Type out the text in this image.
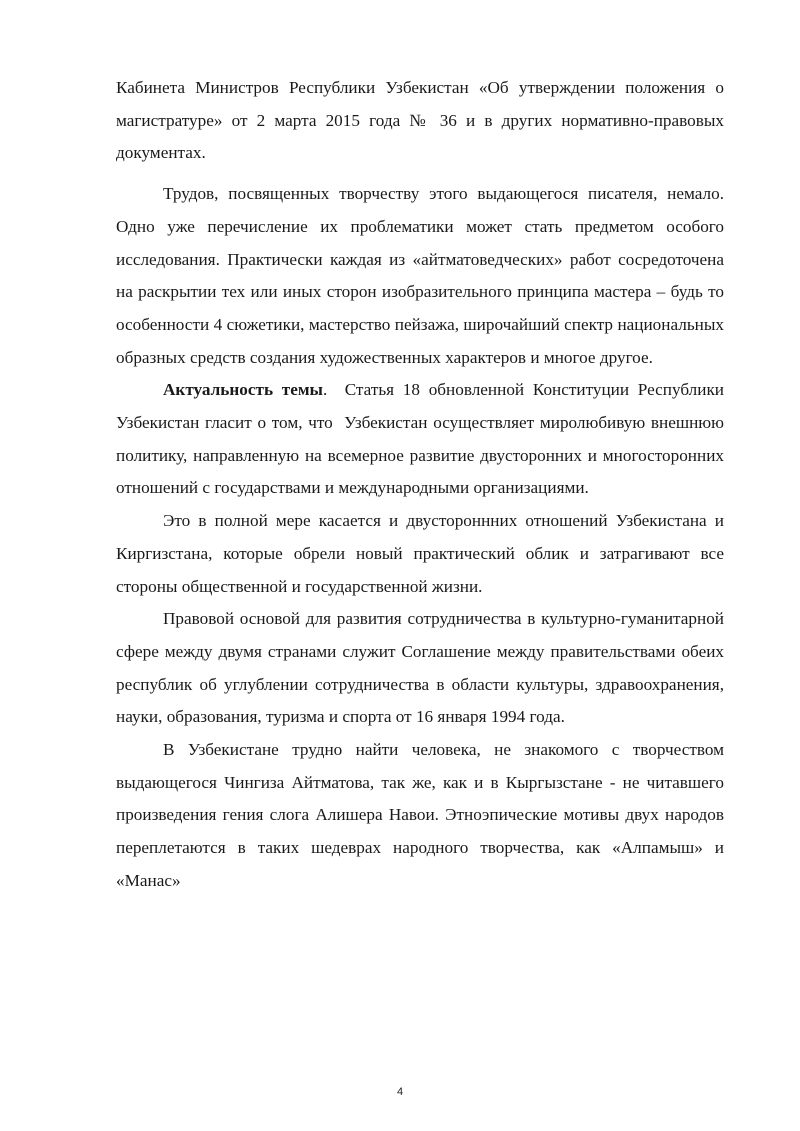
Кабинета Министров Республики Узбекистан «Об утверждении положения о магистратуре» от 2 марта 2015 года № 36 и в других нормативно-правовых документах.

Трудов, посвященных творчеству этого выдающегося писателя, немало. Одно уже перечисление их проблематики может стать предметом особого исследования. Практически каждая из «айтматоведческих» работ сосредоточена на раскрытии тех или иных сторон изобразительного принципа мастера – будь то особенности 4 сюжетики, мастерство пейзажа, широчайший спектр национальных образных средств создания художественных характеров и многое другое.

Актуальность темы.  Статья 18 обновленной Конституции Республики Узбекистан гласит о том, что  Узбекистан осуществляет миролюбивую внешнюю политику, направленную на всемерное развитие двусторонних и многосторонних отношений с государствами и международными организациями.

Это в полной мере касается и двустороннних отношений Узбекистана и Киргизстана, которые обрели новый практический облик и затрагивают все стороны общественной и государственной жизни.

Правовой основой для развития сотрудничества в культурно-гуманитарной сфере между двумя странами служит Соглашение между правительствами обеих республик об углублении сотрудничества в области культуры, здравоохранения, науки, образования, туризма и спорта от 16 января 1994 года.

В Узбекистане трудно найти человека, не знакомого с творчеством выдающегося Чингиза Айтматова, так же, как и в Кыргызстане - не читавшего произведения гения слога Алишера Навои. Этноэпические мотивы двух народов переплетаются в таких шедеврах народного творчества, как «Алпамыш» и «Манас»

4
